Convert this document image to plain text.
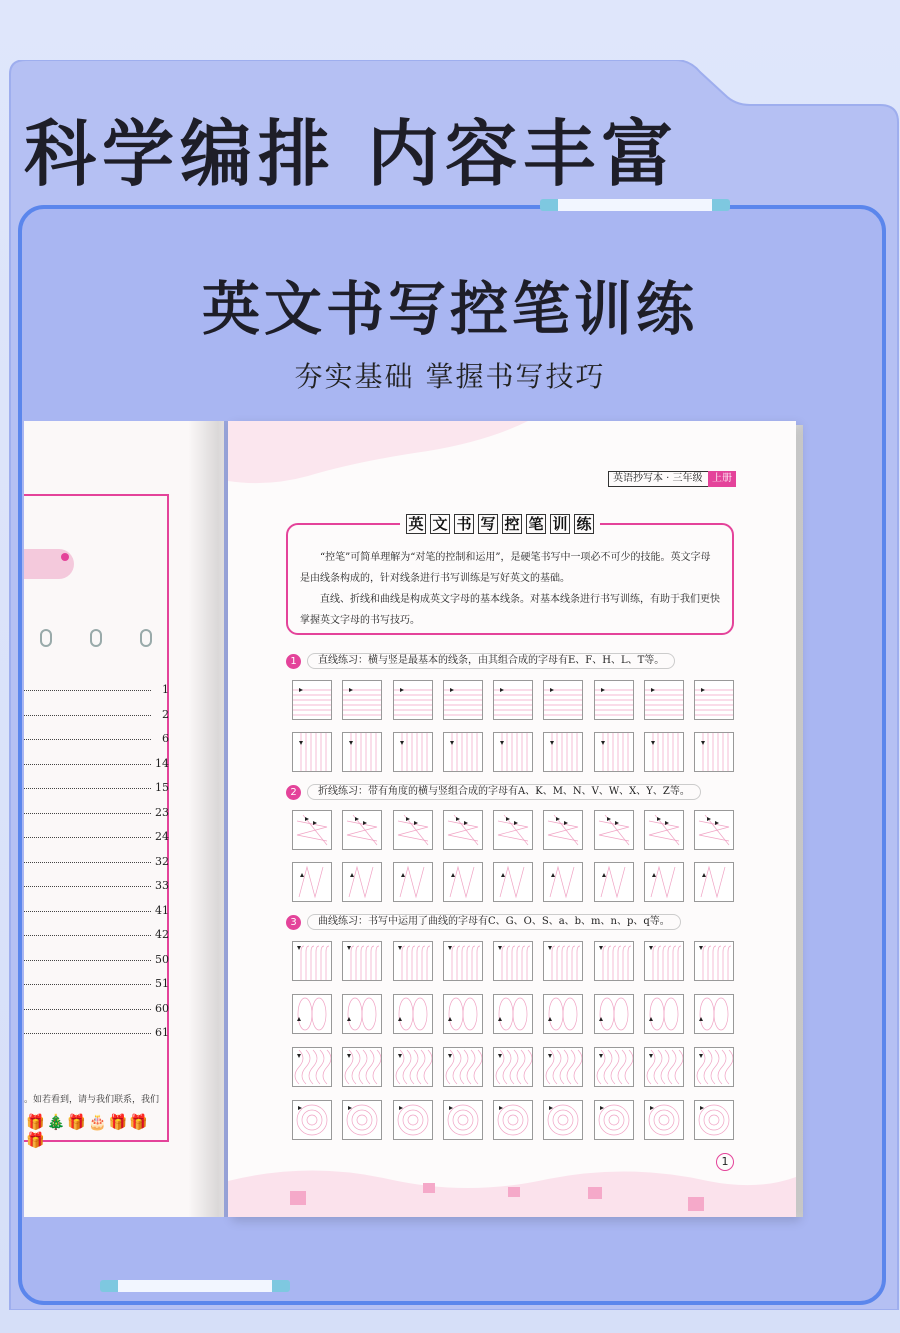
科学编排 内容丰富
英文书写控笔训练
夯实基础 掌握书写技巧
1
2
6
14
15
23
24
32
33
41
42
50
51
60
61
。如若看到，请与我们联系，我们
🎁🎄🎁🎂🎁🎁🎁
英语抄写本 · 三年级 上册
英 文 书 写 控 笔 训 练

“控笔”可简单理解为“对笔的控制和运用”，是硬笔书写中一项必不可少的技能。英文字母是由线条构成的，针对线条进行书写训练是写好英文的基础。

直线、折线和曲线是构成英文字母的基本线条。对基本线条进行书写训练，有助于我们更快掌握英文字母的书写技巧。

1 直线练习：横与竖是最基本的线条，由其组合成的字母有E、F、H、L、T等。
2 折线练习：带有角度的横与竖组合成的字母有A、K、M、N、V、W、X、Y、Z等。
3 曲线练习：书写中运用了曲线的字母有C、G、O、S、a、b、m、n、p、q等。
1
